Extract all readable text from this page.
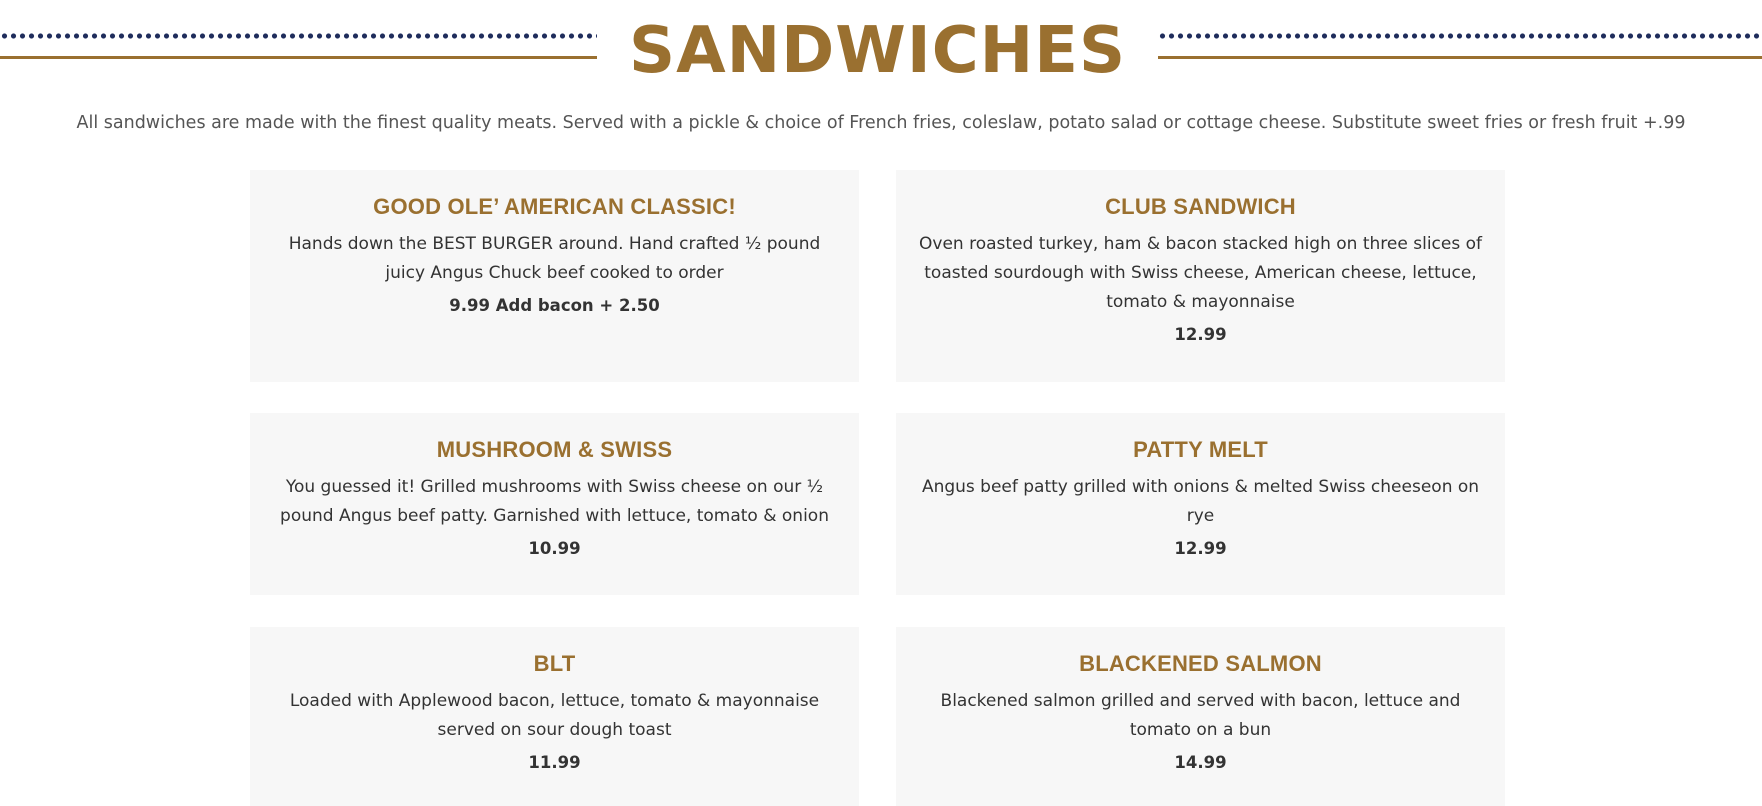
SANDWICHES

All sandwiches are made with the finest quality meats. Served with a pickle & choice of French fries, coleslaw, potato salad or cottage cheese. Substitute sweet fries or fresh fruit +.99

GOOD OLE’ AMERICAN CLASSIC!

Hands down the BEST BURGER around. Hand crafted ½ pound juicy Angus Chuck beef cooked to order

9.99 Add bacon + 2.50

CLUB SANDWICH

Oven roasted turkey, ham & bacon stacked high on three slices of toasted sourdough with Swiss cheese, American cheese, lettuce, tomato & mayonnaise

12.99

MUSHROOM & SWISS

You guessed it! Grilled mushrooms with Swiss cheese on our ½ pound Angus beef patty. Garnished with lettuce, tomato & onion

10.99

PATTY MELT

Angus beef patty grilled with onions & melted Swiss cheeseon on rye

12.99

BLT

Loaded with Applewood bacon, lettuce, tomato & mayonnaise served on sour dough toast

11.99

BLACKENED SALMON

Blackened salmon grilled and served with bacon, lettuce and tomato on a bun

14.99
